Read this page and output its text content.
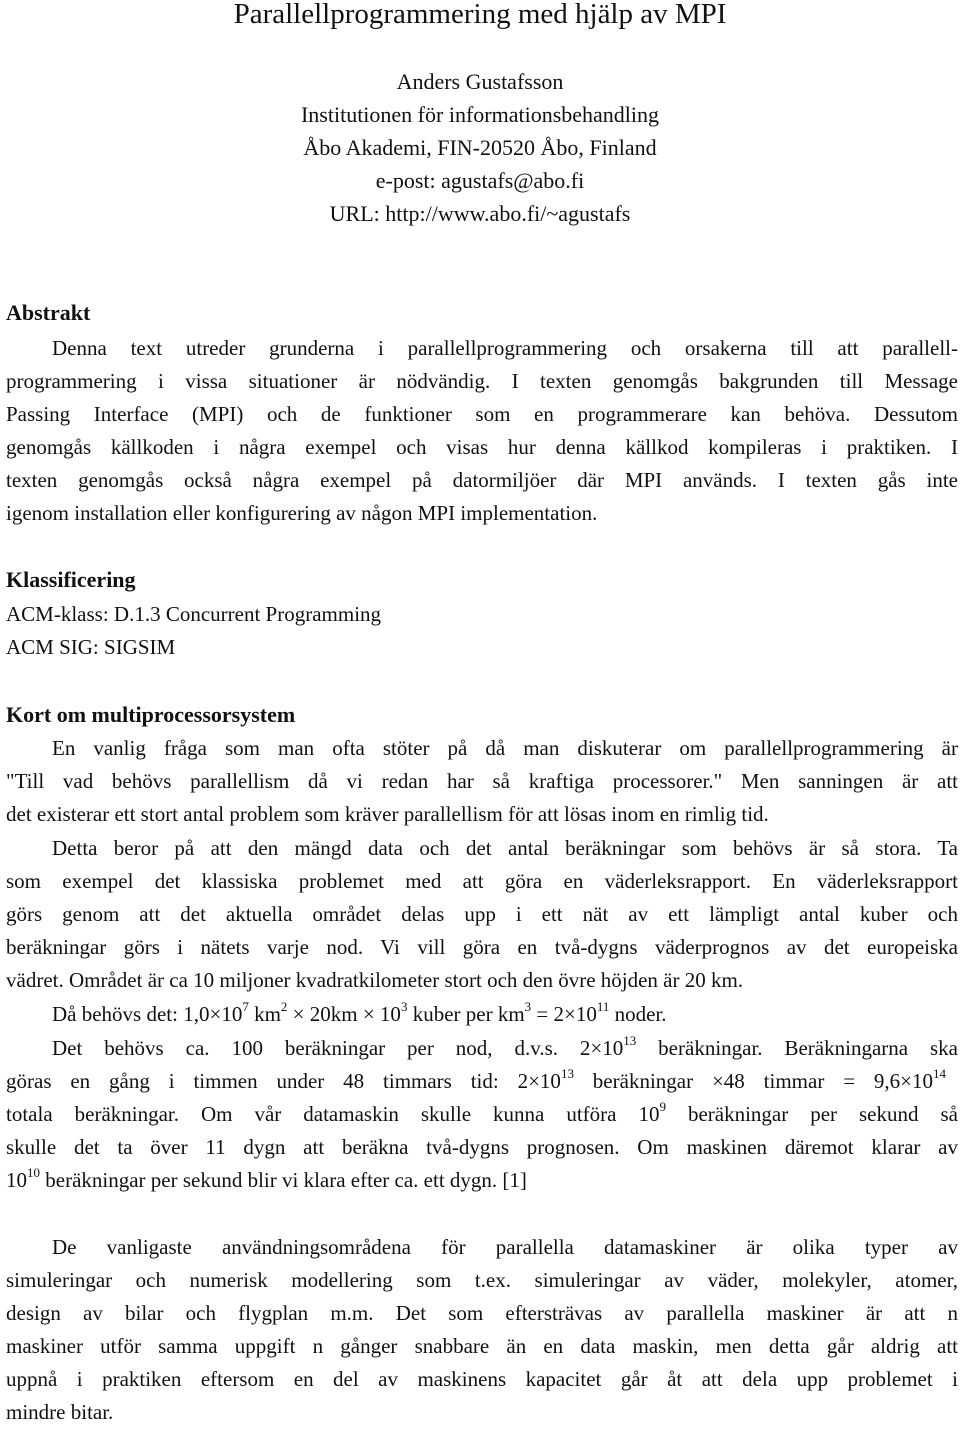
Parallellprogrammering med hjälp av MPI
Anders Gustafsson
Institutionen för informationsbehandling
Åbo Akademi, FIN-20520 Åbo, Finland
e-post: agustafs@abo.fi
URL: http://www.abo.fi/~agustafs
Abstrakt
Denna text utreder grunderna i parallellprogrammering och orsakerna till att parallell-
programmering i vissa situationer är nödvändig. I texten genomgås bakgrunden till Message
Passing Interface (MPI) och de funktioner som en programmerare kan behöva. Dessutom
genomgås källkoden i några exempel och visas hur denna källkod kompileras i praktiken. I
texten genomgås också några exempel på datormiljöer där MPI används. I texten gås inte
igenom installation eller konfigurering av någon MPI implementation.
Klassificering
ACM-klass: D.1.3 Concurrent Programming
ACM SIG: SIGSIM
Kort om multiprocessorsystem
En vanlig fråga som man ofta stöter på då man diskuterar om parallellprogrammering är
"Till vad behövs parallellism då vi redan har så kraftiga processorer." Men sanningen är att
det existerar ett stort antal problem som kräver parallellism för att lösas inom en rimlig tid.
Detta beror på att den mängd data och det antal beräkningar som behövs är så stora. Ta
som exempel det klassiska problemet med att göra en väderleksrapport. En väderleksrapport
görs genom att det aktuella området delas upp i ett nät av ett lämpligt antal kuber och
beräkningar görs i nätets varje nod. Vi vill göra en två-dygns väderprognos av det europeiska
vädret. Området är ca 10 miljoner kvadratkilometer stort och den övre höjden är 20 km.
Då behövs det: $1,0\times 10^7$ $km^2 \times 20km \times 10^3$ kuber per $km^3 = 2\times 10^{11}$ noder.
Det behövs ca. 100 beräkningar per nod, d.v.s. $2\times 10^{13}$ beräkningar. Beräkningarna ska
göras en gång i timmen under 48 timmars tid: $2\times 10^{13}$ beräkningar ×48 timmar = $9,6\times 10^{14}$
totala beräkningar. Om vår datamaskin skulle kunna utföra $10^9$ beräkningar per sekund så
skulle det ta över 11 dygn att beräkna två-dygns prognosen. Om maskinen däremot klarar av
$10^{10}$ beräkningar per sekund blir vi klara efter ca. ett dygn. [1]
De vanligaste användningsområdena för parallella datamaskiner är olika typer av
simuleringar och numerisk modellering som t.ex. simuleringar av väder, molekyler, atomer,
design av bilar och flygplan m.m. Det som eftersträvas av parallella maskiner är att n
maskiner utför samma uppgift n gånger snabbare än en data maskin, men detta går aldrig att
uppnå i praktiken eftersom en del av maskinens kapacitet går åt att dela upp problemet i
mindre bitar.
